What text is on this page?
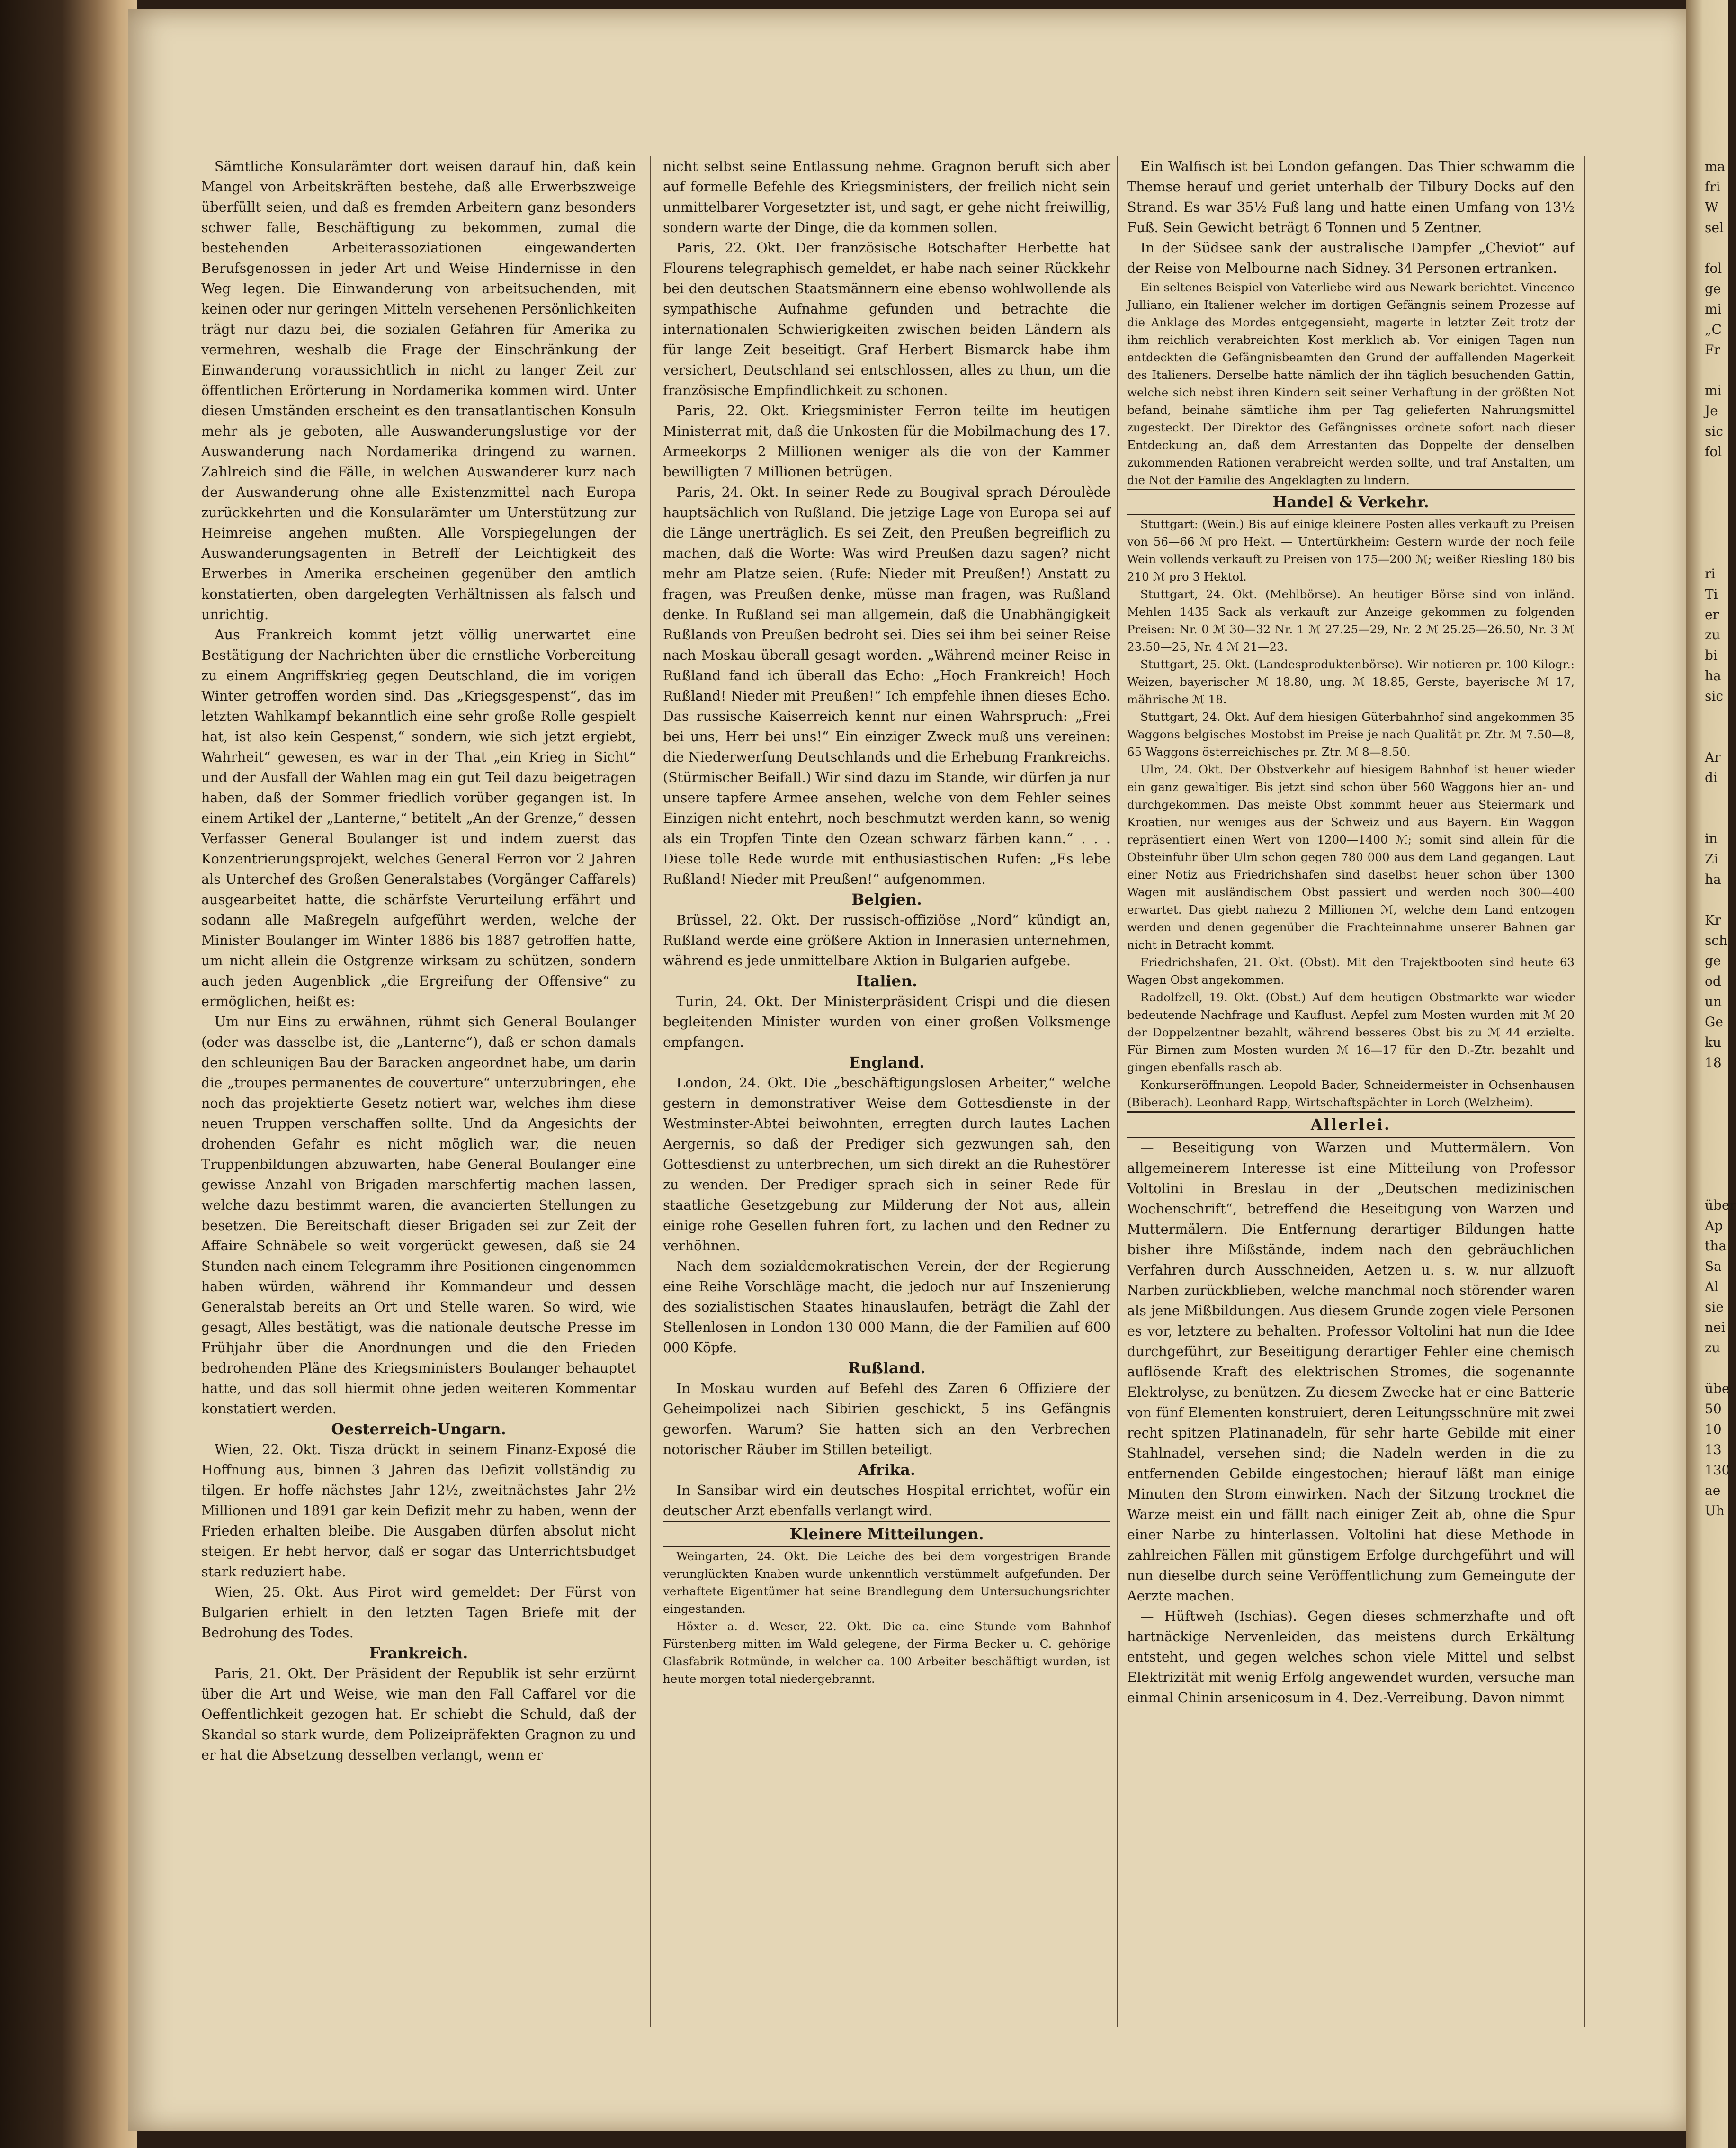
Sämtliche Konsularämter dort weisen darauf hin, daß kein Mangel von Arbeitskräften bestehe, daß alle Erwerbszweige überfüllt seien, und daß es fremden Arbeitern ganz besonders schwer falle, Beschäftigung zu bekommen, zumal die bestehenden Arbeiterassoziationen eingewanderten Berufsgenossen in jeder Art und Weise Hindernisse in den Weg legen. Die Einwanderung von arbeitsuchenden, mit keinen oder nur geringen Mitteln versehenen Persönlichkeiten trägt nur dazu bei, die sozialen Gefahren für Amerika zu vermehren, weshalb die Frage der Einschränkung der Einwanderung voraussichtlich in nicht zu langer Zeit zur öffentlichen Erörterung in Nordamerika kommen wird. Unter diesen Umständen erscheint es den transatlantischen Konsuln mehr als je geboten, alle Auswanderungslustige vor der Auswanderung nach Nordamerika dringend zu warnen. Zahlreich sind die Fälle, in welchen Auswanderer kurz nach der Auswanderung ohne alle Existenzmittel nach Europa zurückkehrten und die Konsularämter um Unterstützung zur Heimreise angehen mußten. Alle Vorspiegelungen der Auswanderungsagenten in Betreff der Leichtigkeit des Erwerbes in Amerika erscheinen gegenüber den amtlich konstatierten, oben dargelegten Verhältnissen als falsch und unrichtig.

Aus Frankreich kommt jetzt völlig unerwartet eine Bestätigung der Nachrichten über die ernstliche Vorbereitung zu einem Angriffskrieg gegen Deutschland, die im vorigen Winter getroffen worden sind. Das „Kriegsgespenst“, das im letzten Wahlkampf bekanntlich eine sehr große Rolle gespielt hat, ist also kein Gespenst,“ sondern, wie sich jetzt ergiebt, Wahrheit“ gewesen, es war in der That „ein Krieg in Sicht“ und der Ausfall der Wahlen mag ein gut Teil dazu beigetragen haben, daß der Sommer friedlich vorüber gegangen ist. In einem Artikel der „Lanterne,“ betitelt „An der Grenze,“ dessen Verfasser General Boulanger ist und indem zuerst das Konzentrierungsprojekt, welches General Ferron vor 2 Jahren als Unterchef des Großen Generalstabes (Vorgänger Caffarels) ausgearbeitet hatte, die schärfste Verurteilung erfährt und sodann alle Maßregeln aufgeführt werden, welche der Minister Boulanger im Winter 1886 bis 1887 getroffen hatte, um nicht allein die Ostgrenze wirksam zu schützen, sondern auch jeden Augenblick „die Ergreifung der Offensive“ zu ermöglichen, heißt es:

Um nur Eins zu erwähnen, rühmt sich General Boulanger (oder was dasselbe ist, die „Lanterne“), daß er schon damals den schleunigen Bau der Baracken angeordnet habe, um darin die „troupes permanentes de couverture“ unterzubringen, ehe noch das projektierte Gesetz notiert war, welches ihm diese neuen Truppen verschaffen sollte. Und da Angesichts der drohenden Gefahr es nicht möglich war, die neuen Truppenbildungen abzuwarten, habe General Boulanger eine gewisse Anzahl von Brigaden marschfertig machen lassen, welche dazu bestimmt waren, die avancierten Stellungen zu besetzen. Die Bereitschaft dieser Brigaden sei zur Zeit der Affaire Schnäbele so weit vorgerückt gewesen, daß sie 24 Stunden nach einem Telegramm ihre Positionen eingenommen haben würden, während ihr Kommandeur und dessen Generalstab bereits an Ort und Stelle waren. So wird, wie gesagt, Alles bestätigt, was die nationale deutsche Presse im Frühjahr über die Anordnungen und die den Frieden bedrohenden Pläne des Kriegsministers Boulanger behauptet hatte, und das soll hiermit ohne jeden weiteren Kommentar konstatiert werden.

Oesterreich-Ungarn.

Wien, 22. Okt. Tisza drückt in seinem Finanz-Exposé die Hoffnung aus, binnen 3 Jahren das Defizit vollständig zu tilgen. Er hoffe nächstes Jahr 12½, zweitnächstes Jahr 2½ Millionen und 1891 gar kein Defizit mehr zu haben, wenn der Frieden erhalten bleibe. Die Ausgaben dürfen absolut nicht steigen. Er hebt hervor, daß er sogar das Unterrichtsbudget stark reduziert habe.

Wien, 25. Okt. Aus Pirot wird gemeldet: Der Fürst von Bulgarien erhielt in den letzten Tagen Briefe mit der Bedrohung des Todes.

Frankreich.

Paris, 21. Okt. Der Präsident der Republik ist sehr erzürnt über die Art und Weise, wie man den Fall Caffarel vor die Oeffentlichkeit gezogen hat. Er schiebt die Schuld, daß der Skandal so stark wurde, dem Polizeipräfekten Gragnon zu und er hat die Absetzung desselben verlangt, wenn er

nicht selbst seine Entlassung nehme. Gragnon beruft sich aber auf formelle Befehle des Kriegsministers, der freilich nicht sein unmittelbarer Vorgesetzter ist, und sagt, er gehe nicht freiwillig, sondern warte der Dinge, die da kommen sollen.

Paris, 22. Okt. Der französische Botschafter Herbette hat Flourens telegraphisch gemeldet, er habe nach seiner Rückkehr bei den deutschen Staatsmännern eine ebenso wohlwollende als sympathische Aufnahme gefunden und betrachte die internationalen Schwierigkeiten zwischen beiden Ländern als für lange Zeit beseitigt. Graf Herbert Bismarck habe ihm versichert, Deutschland sei entschlossen, alles zu thun, um die französische Empfindlichkeit zu schonen.

Paris, 22. Okt. Kriegsminister Ferron teilte im heutigen Ministerrat mit, daß die Unkosten für die Mobilmachung des 17. Armeekorps 2 Millionen weniger als die von der Kammer bewilligten 7 Millionen betrügen.

Paris, 24. Okt. In seiner Rede zu Bougival sprach Déroulède hauptsächlich von Rußland. Die jetzige Lage von Europa sei auf die Länge unerträglich. Es sei Zeit, den Preußen begreiflich zu machen, daß die Worte: Was wird Preußen dazu sagen? nicht mehr am Platze seien. (Rufe: Nieder mit Preußen!) Anstatt zu fragen, was Preußen denke, müsse man fragen, was Rußland denke. In Rußland sei man allgemein, daß die Unabhängigkeit Rußlands von Preußen bedroht sei. Dies sei ihm bei seiner Reise nach Moskau überall gesagt worden. „Während meiner Reise in Rußland fand ich überall das Echo: „Hoch Frankreich! Hoch Rußland! Nieder mit Preußen!“ Ich empfehle ihnen dieses Echo. Das russische Kaiserreich kennt nur einen Wahrspruch: „Frei bei uns, Herr bei uns!“ Ein einziger Zweck muß uns vereinen: die Niederwerfung Deutschlands und die Erhebung Frankreichs. (Stürmischer Beifall.) Wir sind dazu im Stande, wir dürfen ja nur unsere tapfere Armee ansehen, welche von dem Fehler seines Einzigen nicht entehrt, noch beschmutzt werden kann, so wenig als ein Tropfen Tinte den Ozean schwarz färben kann.“ . . . Diese tolle Rede wurde mit enthusiastischen Rufen: „Es lebe Rußland! Nieder mit Preußen!“ aufgenommen.

Belgien.

Brüssel, 22. Okt. Der russisch-offiziöse „Nord“ kündigt an, Rußland werde eine größere Aktion in Innerasien unternehmen, während es jede unmittelbare Aktion in Bulgarien aufgebe.

Italien.

Turin, 24. Okt. Der Ministerpräsident Crispi und die diesen begleitenden Minister wurden von einer großen Volksmenge empfangen.

England.

London, 24. Okt. Die „beschäftigungslosen Arbeiter,“ welche gestern in demonstrativer Weise dem Gottesdienste in der Westminster-Abtei beiwohnten, erregten durch lautes Lachen Aergernis, so daß der Prediger sich gezwungen sah, den Gottesdienst zu unterbrechen, um sich direkt an die Ruhestörer zu wenden. Der Prediger sprach sich in seiner Rede für staatliche Gesetzgebung zur Milderung der Not aus, allein einige rohe Gesellen fuhren fort, zu lachen und den Redner zu verhöhnen.

Nach dem sozialdemokratischen Verein, der der Regierung eine Reihe Vorschläge macht, die jedoch nur auf Inszenierung des sozialistischen Staates hinauslaufen, beträgt die Zahl der Stellenlosen in London 130 000 Mann, die der Familien auf 600 000 Köpfe.

Rußland.

In Moskau wurden auf Befehl des Zaren 6 Offiziere der Geheimpolizei nach Sibirien geschickt, 5 ins Gefängnis geworfen. Warum? Sie hatten sich an den Verbrechen notorischer Räuber im Stillen beteiligt.

Afrika.

In Sansibar wird ein deutsches Hospital errichtet, wofür ein deutscher Arzt ebenfalls verlangt wird.

Kleinere Mitteilungen.

Weingarten, 24. Okt. Die Leiche des bei dem vorgestrigen Brande verunglückten Knaben wurde unkenntlich verstümmelt aufgefunden. Der verhaftete Eigentümer hat seine Brandlegung dem Untersuchungsrichter eingestanden.

Höxter a. d. Weser, 22. Okt. Die ca. eine Stunde vom Bahnhof Fürstenberg mitten im Wald gelegene, der Firma Becker u. C. gehörige Glasfabrik Rotmünde, in welcher ca. 100 Arbeiter beschäftigt wurden, ist heute morgen total niedergebrannt.

Ein Walfisch ist bei London gefangen. Das Thier schwamm die Themse herauf und geriet unterhalb der Tilbury Docks auf den Strand. Es war 35½ Fuß lang und hatte einen Umfang von 13½ Fuß. Sein Gewicht beträgt 6 Tonnen und 5 Zentner.

In der Südsee sank der australische Dampfer „Cheviot“ auf der Reise von Melbourne nach Sidney. 34 Personen ertranken.

Ein seltenes Beispiel von Vaterliebe wird aus Newark berichtet. Vincenco Julliano, ein Italiener welcher im dortigen Gefängnis seinem Prozesse auf die Anklage des Mordes entgegensieht, magerte in letzter Zeit trotz der ihm reichlich verabreichten Kost merklich ab. Vor einigen Tagen nun entdeckten die Gefängnisbeamten den Grund der auffallenden Magerkeit des Italieners. Derselbe hatte nämlich der ihn täglich besuchenden Gattin, welche sich nebst ihren Kindern seit seiner Verhaftung in der größten Not befand, beinahe sämtliche ihm per Tag gelieferten Nahrungsmittel zugesteckt. Der Direktor des Gefängnisses ordnete sofort nach dieser Entdeckung an, daß dem Arrestanten das Doppelte der denselben zukommenden Rationen verabreicht werden sollte, und traf Anstalten, um die Not der Familie des Angeklagten zu lindern.

Handel & Verkehr.

Stuttgart: (Wein.) Bis auf einige kleinere Posten alles verkauft zu Preisen von 56—66 ℳ pro Hekt. — Untertürkheim: Gestern wurde der noch feile Wein vollends verkauft zu Preisen von 175—200 ℳ; weißer Riesling 180 bis 210 ℳ pro 3 Hektol.

Stuttgart, 24. Okt. (Mehlbörse). An heutiger Börse sind von inländ. Mehlen 1435 Sack als verkauft zur Anzeige gekommen zu folgenden Preisen: Nr. 0 ℳ 30—32 Nr. 1 ℳ 27.25—29, Nr. 2 ℳ 25.25—26.50, Nr. 3 ℳ 23.50—25, Nr. 4 ℳ 21—23.

Stuttgart, 25. Okt. (Landesproduktenbörse). Wir notieren pr. 100 Kilogr.: Weizen, bayerischer ℳ 18.80, ung. ℳ 18.85, Gerste, bayerische ℳ 17, mährische ℳ 18.

Stuttgart, 24. Okt. Auf dem hiesigen Güterbahnhof sind angekommen 35 Waggons belgisches Mostobst im Preise je nach Qualität pr. Ztr. ℳ 7.50—8, 65 Waggons österreichisches pr. Ztr. ℳ 8—8.50.

Ulm, 24. Okt. Der Obstverkehr auf hiesigem Bahnhof ist heuer wieder ein ganz gewaltiger. Bis jetzt sind schon über 560 Waggons hier an- und durchgekommen. Das meiste Obst kommmt heuer aus Steiermark und Kroatien, nur weniges aus der Schweiz und aus Bayern. Ein Waggon repräsentiert einen Wert von 1200—1400 ℳ; somit sind allein für die Obsteinfuhr über Ulm schon gegen 780 000 aus dem Land gegangen. Laut einer Notiz aus Friedrichshafen sind daselbst heuer schon über 1300 Wagen mit ausländischem Obst passiert und werden noch 300—400 erwartet. Das giebt nahezu 2 Millionen ℳ, welche dem Land entzogen werden und denen gegenüber die Frachteinnahme unserer Bahnen gar nicht in Betracht kommt.

Friedrichshafen, 21. Okt. (Obst). Mit den Trajektbooten sind heute 63 Wagen Obst angekommen.

Radolfzell, 19. Okt. (Obst.) Auf dem heutigen Obstmarkte war wieder bedeutende Nachfrage und Kauflust. Aepfel zum Mosten wurden mit ℳ 20 der Doppelzentner bezahlt, während besseres Obst bis zu ℳ 44 erzielte. Für Birnen zum Mosten wurden ℳ 16—17 für den D.-Ztr. bezahlt und gingen ebenfalls rasch ab.

Konkurseröffnungen. Leopold Bader, Schneidermeister in Ochsenhausen (Biberach). Leonhard Rapp, Wirtschaftspächter in Lorch (Welzheim).

Allerlei.

— Beseitigung von Warzen und Muttermälern. Von allgemeinerem Interesse ist eine Mitteilung von Professor Voltolini in Breslau in der „Deutschen medizinischen Wochenschrift“, betreffend die Beseitigung von Warzen und Muttermälern. Die Entfernung derartiger Bildungen hatte bisher ihre Mißstände, indem nach den gebräuchlichen Verfahren durch Ausschneiden, Aetzen u. s. w. nur allzuoft Narben zurückblieben, welche manchmal noch störender waren als jene Mißbildungen. Aus diesem Grunde zogen viele Personen es vor, letztere zu behalten. Professor Voltolini hat nun die Idee durchgeführt, zur Beseitigung derartiger Fehler eine chemisch auflösende Kraft des elektrischen Stromes, die sogenannte Elektrolyse, zu benützen. Zu diesem Zwecke hat er eine Batterie von fünf Elementen konstruiert, deren Leitungsschnüre mit zwei recht spitzen Platinanadeln, für sehr harte Gebilde mit einer Stahlnadel, versehen sind; die Nadeln werden in die zu entfernenden Gebilde eingestochen; hierauf läßt man einige Minuten den Strom einwirken. Nach der Sitzung trocknet die Warze meist ein und fällt nach einiger Zeit ab, ohne die Spur einer Narbe zu hinterlassen. Voltolini hat diese Methode in zahlreichen Fällen mit günstigem Erfolge durchgeführt und will nun dieselbe durch seine Veröffentlichung zum Gemeingute der Aerzte machen.

— Hüftweh (Ischias). Gegen dieses schmerzhafte und oft hartnäckige Nervenleiden, das meistens durch Erkältung entsteht, und gegen welches schon viele Mittel und selbst Elektrizität mit wenig Erfolg angewendet wurden, versuche man einmal Chinin arsenicosum in 4. Dez.-Verreibung. Davon nimmt

ma
fri
W
sel

fol
ge
mi
„C
Fr

mi
Je
sic
fol

ri
Ti
er
zu
bi
ha
sic

Ar
di

in
Zi
ha

Kr
sch
ge
od
un
Ge
ku
18

über
Ap
tha
Sa
Al
sie
nei
zu

übe
50
10
13
130
ae
Uh
